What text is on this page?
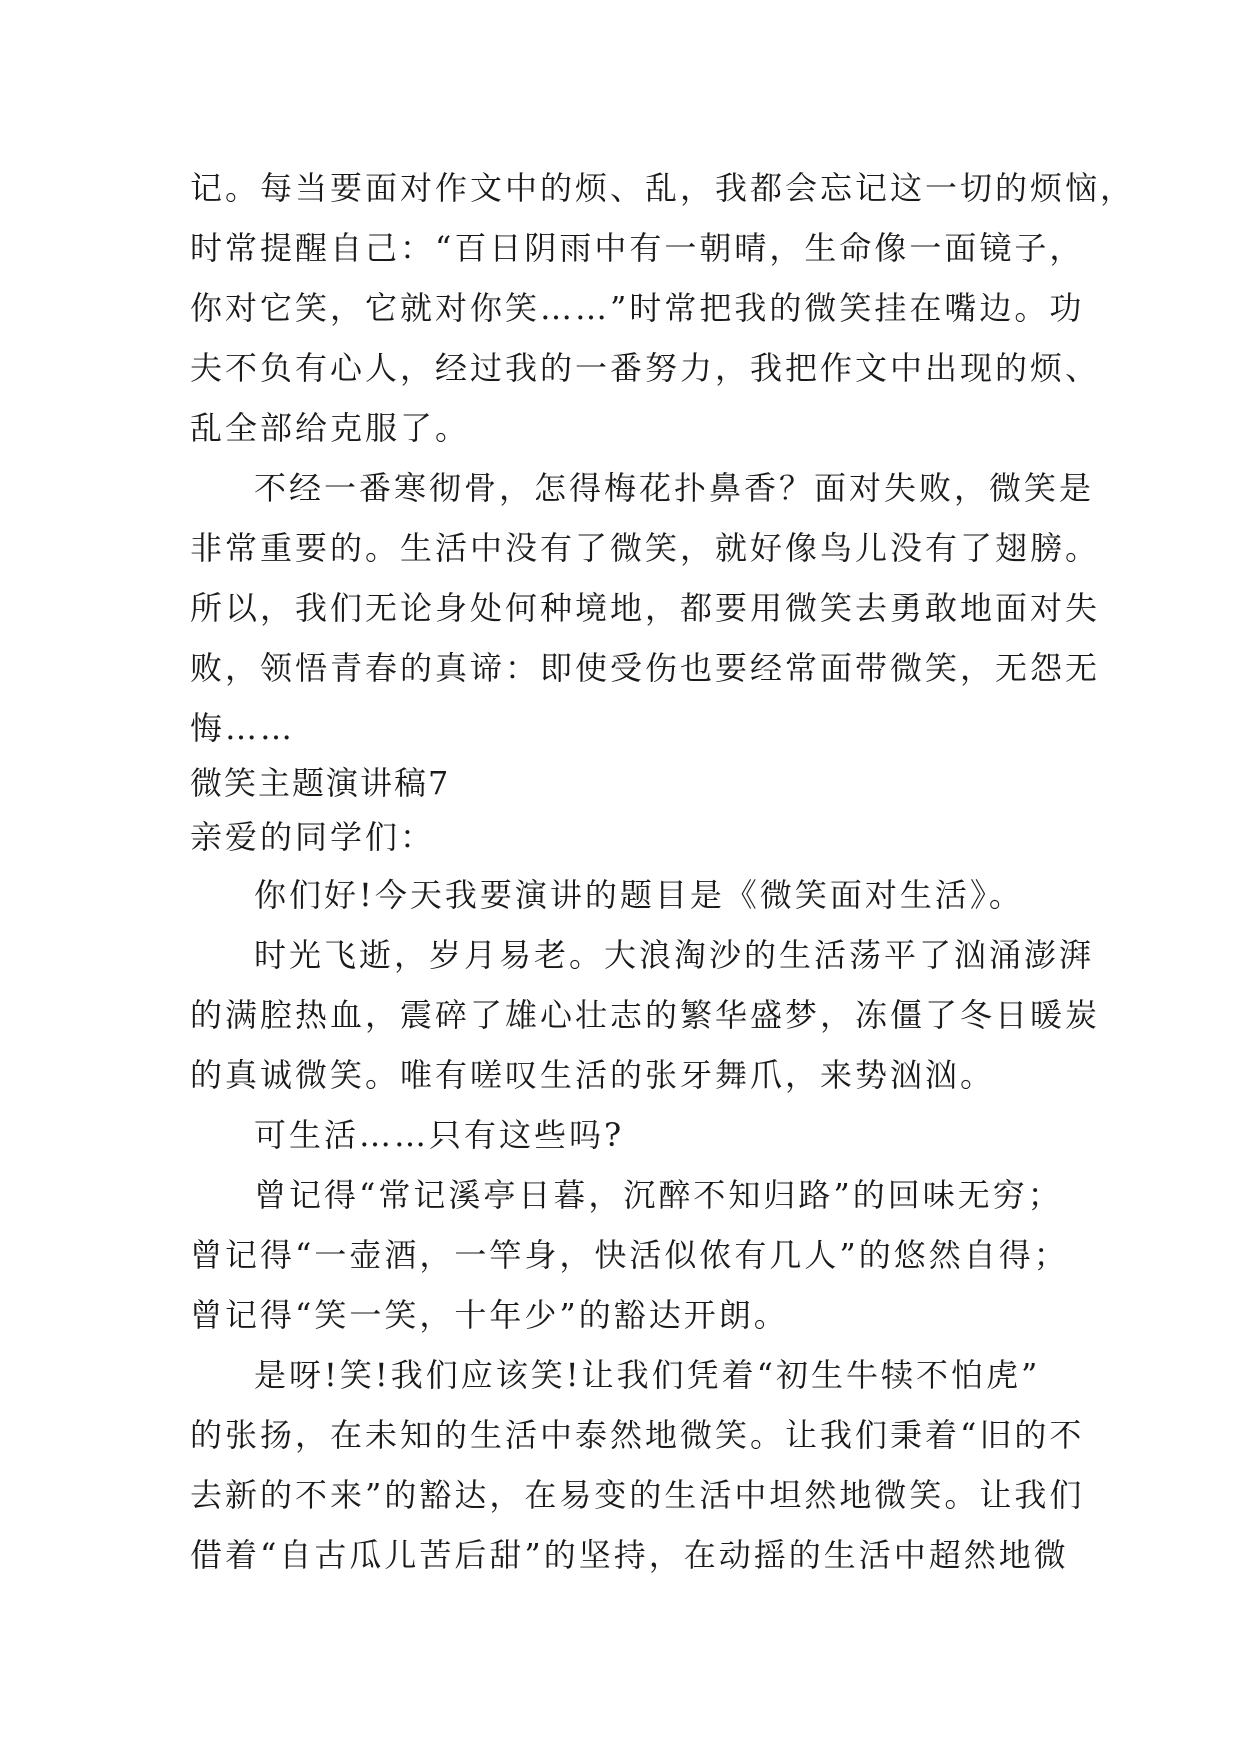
记。每当要面对作文中的烦、乱，我都会忘记这一切的烦恼，
时常提醒自己：“百日阴雨中有一朝晴，生命像一面镜子，
你对它笑，它就对你笑……”时常把我的微笑挂在嘴边。功
夫不负有心人，经过我的一番努力，我把作文中出现的烦、
乱全部给克服了。
不经一番寒彻骨，怎得梅花扑鼻香？面对失败，微笑是
非常重要的。生活中没有了微笑，就好像鸟儿没有了翅膀。
所以，我们无论身处何种境地，都要用微笑去勇敢地面对失
败，领悟青春的真谛：即使受伤也要经常面带微笑，无怨无
悔……
微笑主题演讲稿7
亲爱的同学们：
你们好!今天我要演讲的题目是《微笑面对生活》。
时光飞逝，岁月易老。大浪淘沙的生活荡平了汹涌澎湃
的满腔热血，震碎了雄心壮志的繁华盛梦，冻僵了冬日暖炭
的真诚微笑。唯有嗟叹生活的张牙舞爪，来势汹汹。
可生活……只有这些吗?
曾记得“常记溪亭日暮，沉醉不知归路”的回味无穷；
曾记得“一壶酒，一竿身，快活似侬有几人”的悠然自得；
曾记得“笑一笑，十年少”的豁达开朗。
是呀!笑!我们应该笑!让我们凭着“初生牛犊不怕虎”
的张扬，在未知的生活中泰然地微笑。让我们秉着“旧的不
去新的不来”的豁达，在易变的生活中坦然地微笑。让我们
借着“自古瓜儿苦后甜”的坚持，在动摇的生活中超然地微
